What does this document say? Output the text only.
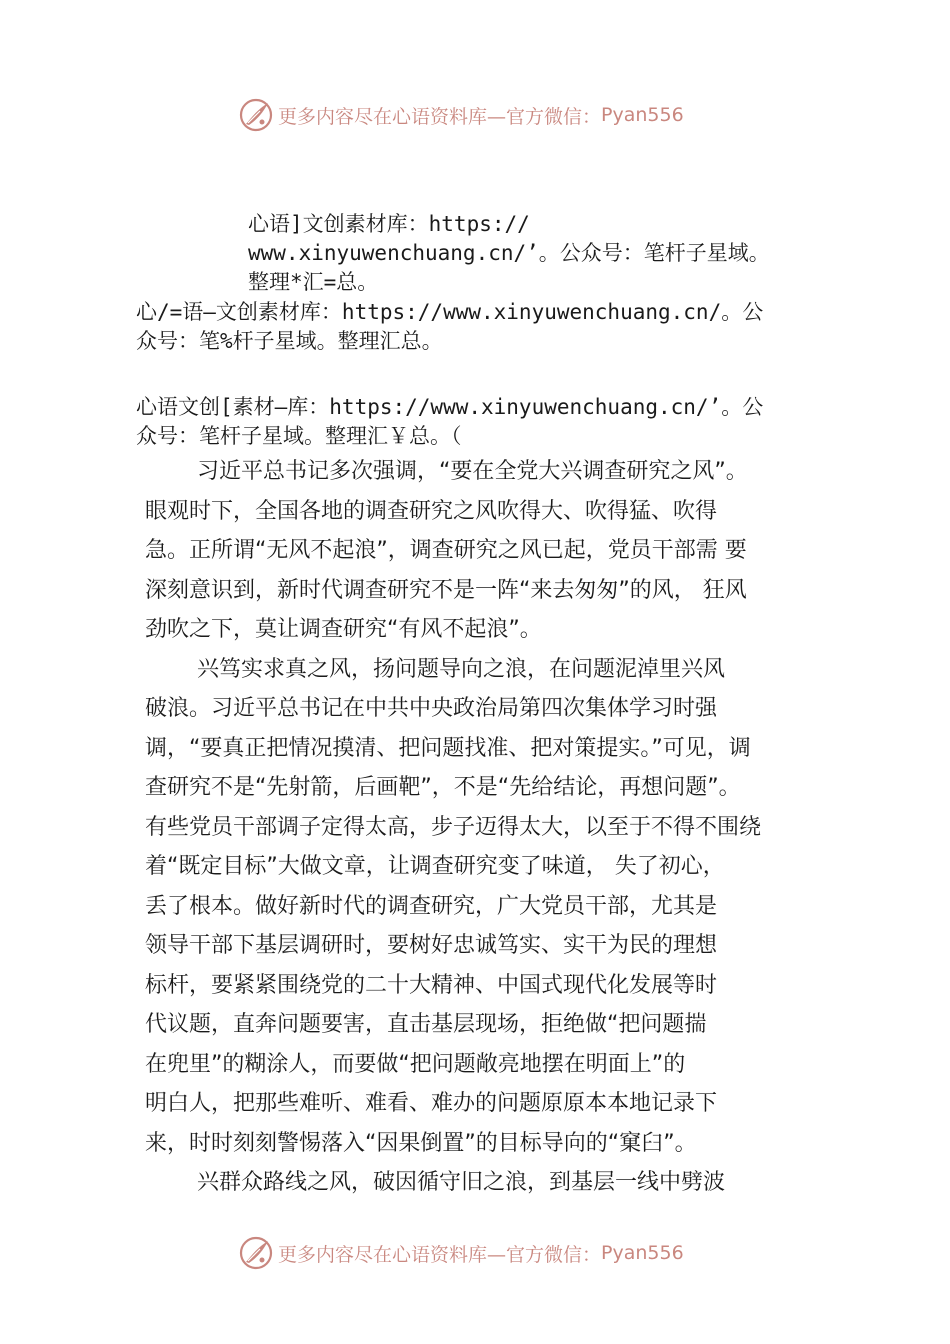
更多内容尽在心语资料库—官方微信： Pyan556
心语]文创素材库：https://
www.xinyuwenchuang.cn/’。公众号：笔杆子星域。
整理*汇=总。
心/=语—文创素材库：https://www.xinyuwenchuang.cn/。公
众号：笔%杆子星域。整理汇总。
心语文创[素材—库：https://www.xinyuwenchuang.cn/’。公
众号：笔杆子星域。整理汇￥总。（
习近平总书记多次强调，“要在全党大兴调查研究之风”。
眼观时下，全国各地的调查研究之风吹得大、吹得猛、吹得
急。正所谓“无风不起浪”，调查研究之风已起，党员干部需 要
深刻意识到，新时代调查研究不是一阵“来去匆匆”的风， 狂风
劲吹之下，莫让调查研究“有风不起浪”。
兴笃实求真之风，扬问题导向之浪，在问题泥淖里兴风
破浪。习近平总书记在中共中央政治局第四次集体学习时强
调，“要真正把情况摸清、把问题找准、把对策提实。”可见，调
查研究不是“先射箭，后画靶”，不是“先给结论，再想问题”。
有些党员干部调子定得太高，步子迈得太大，以至于不得不围绕
着“既定目标”大做文章，让调查研究变了味道， 失了初心，
丢了根本。做好新时代的调查研究，广大党员干部，尤其是
领导干部下基层调研时，要树好忠诚笃实、实干为民的理想
标杆，要紧紧围绕党的二十大精神、中国式现代化发展等时
代议题，直奔问题要害，直击基层现场，拒绝做“把问题揣
在兜里”的糊涂人，而要做“把问题敞亮地摆在明面上”的
明白人，把那些难听、难看、难办的问题原原本本地记录下
来，时时刻刻警惕落入“因果倒置”的目标导向的“窠臼”。
兴群众路线之风，破因循守旧之浪，到基层一线中劈波
更多内容尽在心语资料库—官方微信： Pyan556
